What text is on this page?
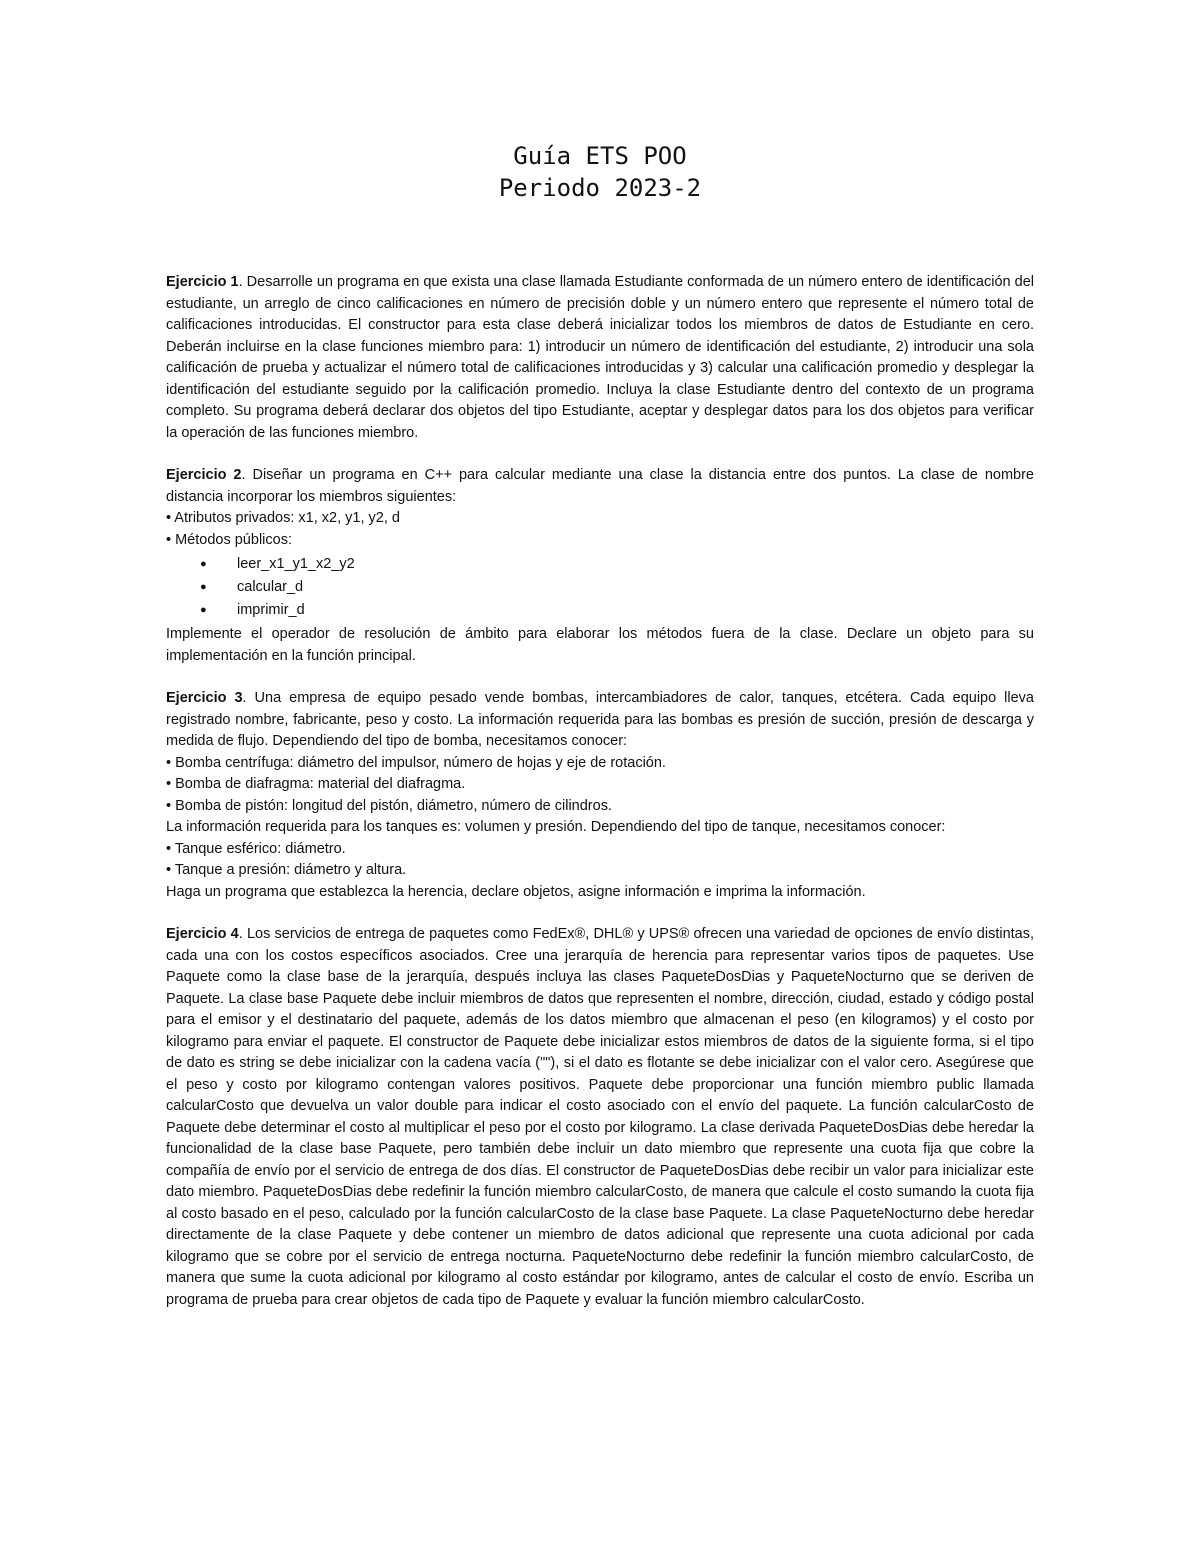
Guía ETS POO
Periodo 2023-2

Ejercicio 1. Desarrolle un programa en que exista una clase llamada Estudiante conformada de un número entero de identificación del estudiante, un arreglo de cinco calificaciones en número de precisión doble y un número entero que represente el número total de calificaciones introducidas. El constructor para esta clase deberá inicializar todos los miembros de datos de Estudiante en cero. Deberán incluirse en la clase funciones miembro para: 1) introducir un número de identificación del estudiante, 2) introducir una sola calificación de prueba y actualizar el número total de calificaciones introducidas y 3) calcular una calificación promedio y desplegar la identificación del estudiante seguido por la calificación promedio. Incluya la clase Estudiante dentro del contexto de un programa completo. Su programa deberá declarar dos objetos del tipo Estudiante, aceptar y desplegar datos para los dos objetos para verificar la operación de las funciones miembro.

Ejercicio 2. Diseñar un programa en C++ para calcular mediante una clase la distancia entre dos puntos. La clase de nombre distancia incorporar los miembros siguientes:

• Atributos privados: x1, x2, y1, y2, d

• Métodos públicos:

● leer_x1_y1_x2_y2
● calcular_d
● imprimir_d

Implemente el operador de resolución de ámbito para elaborar los métodos fuera de la clase. Declare un objeto para su implementación en la función principal.

Ejercicio 3. Una empresa de equipo pesado vende bombas, intercambiadores de calor, tanques, etcétera. Cada equipo lleva registrado nombre, fabricante, peso y costo. La información requerida para las bombas es presión de succión, presión de descarga y medida de flujo. Dependiendo del tipo de bomba, necesitamos conocer:

• Bomba centrífuga: diámetro del impulsor, número de hojas y eje de rotación.

• Bomba de diafragma: material del diafragma.

• Bomba de pistón: longitud del pistón, diámetro, número de cilindros.

La información requerida para los tanques es: volumen y presión. Dependiendo del tipo de tanque, necesitamos conocer:

• Tanque esférico: diámetro.

• Tanque a presión: diámetro y altura.

Haga un programa que establezca la herencia, declare objetos, asigne información e imprima la información.

Ejercicio 4. Los servicios de entrega de paquetes como FedEx®, DHL® y UPS® ofrecen una variedad de opciones de envío distintas, cada una con los costos específicos asociados. Cree una jerarquía de herencia para representar varios tipos de paquetes. Use Paquete como la clase base de la jerarquía, después incluya las clases PaqueteDosDias y PaqueteNocturno que se deriven de Paquete. La clase base Paquete debe incluir miembros de datos que representen el nombre, dirección, ciudad, estado y código postal para el emisor y el destinatario del paquete, además de los datos miembro que almacenan el peso (en kilogramos) y el costo por kilogramo para enviar el paquete. El constructor de Paquete debe inicializar estos miembros de datos de la siguiente forma, si el tipo de dato es string se debe inicializar con la cadena vacía (""), si el dato es flotante se debe inicializar con el valor cero. Asegúrese que el peso y costo por kilogramo contengan valores positivos. Paquete debe proporcionar una función miembro public llamada calcularCosto que devuelva un valor double para indicar el costo asociado con el envío del paquete. La función calcularCosto de Paquete debe determinar el costo al multiplicar el peso por el costo por kilogramo. La clase derivada PaqueteDosDias debe heredar la funcionalidad de la clase base Paquete, pero también debe incluir un dato miembro que represente una cuota fija que cobre la compañía de envío por el servicio de entrega de dos días. El constructor de PaqueteDosDias debe recibir un valor para inicializar este dato miembro. PaqueteDosDias debe redefinir la función miembro calcularCosto, de manera que calcule el costo sumando la cuota fija al costo basado en el peso, calculado por la función calcularCosto de la clase base Paquete. La clase PaqueteNocturno debe heredar directamente de la clase Paquete y debe contener un miembro de datos adicional que represente una cuota adicional por cada kilogramo que se cobre por el servicio de entrega nocturna. PaqueteNocturno debe redefinir la función miembro calcularCosto, de manera que sume la cuota adicional por kilogramo al costo estándar por kilogramo, antes de calcular el costo de envío. Escriba un programa de prueba para crear objetos de cada tipo de Paquete y evaluar la función miembro calcularCosto.
